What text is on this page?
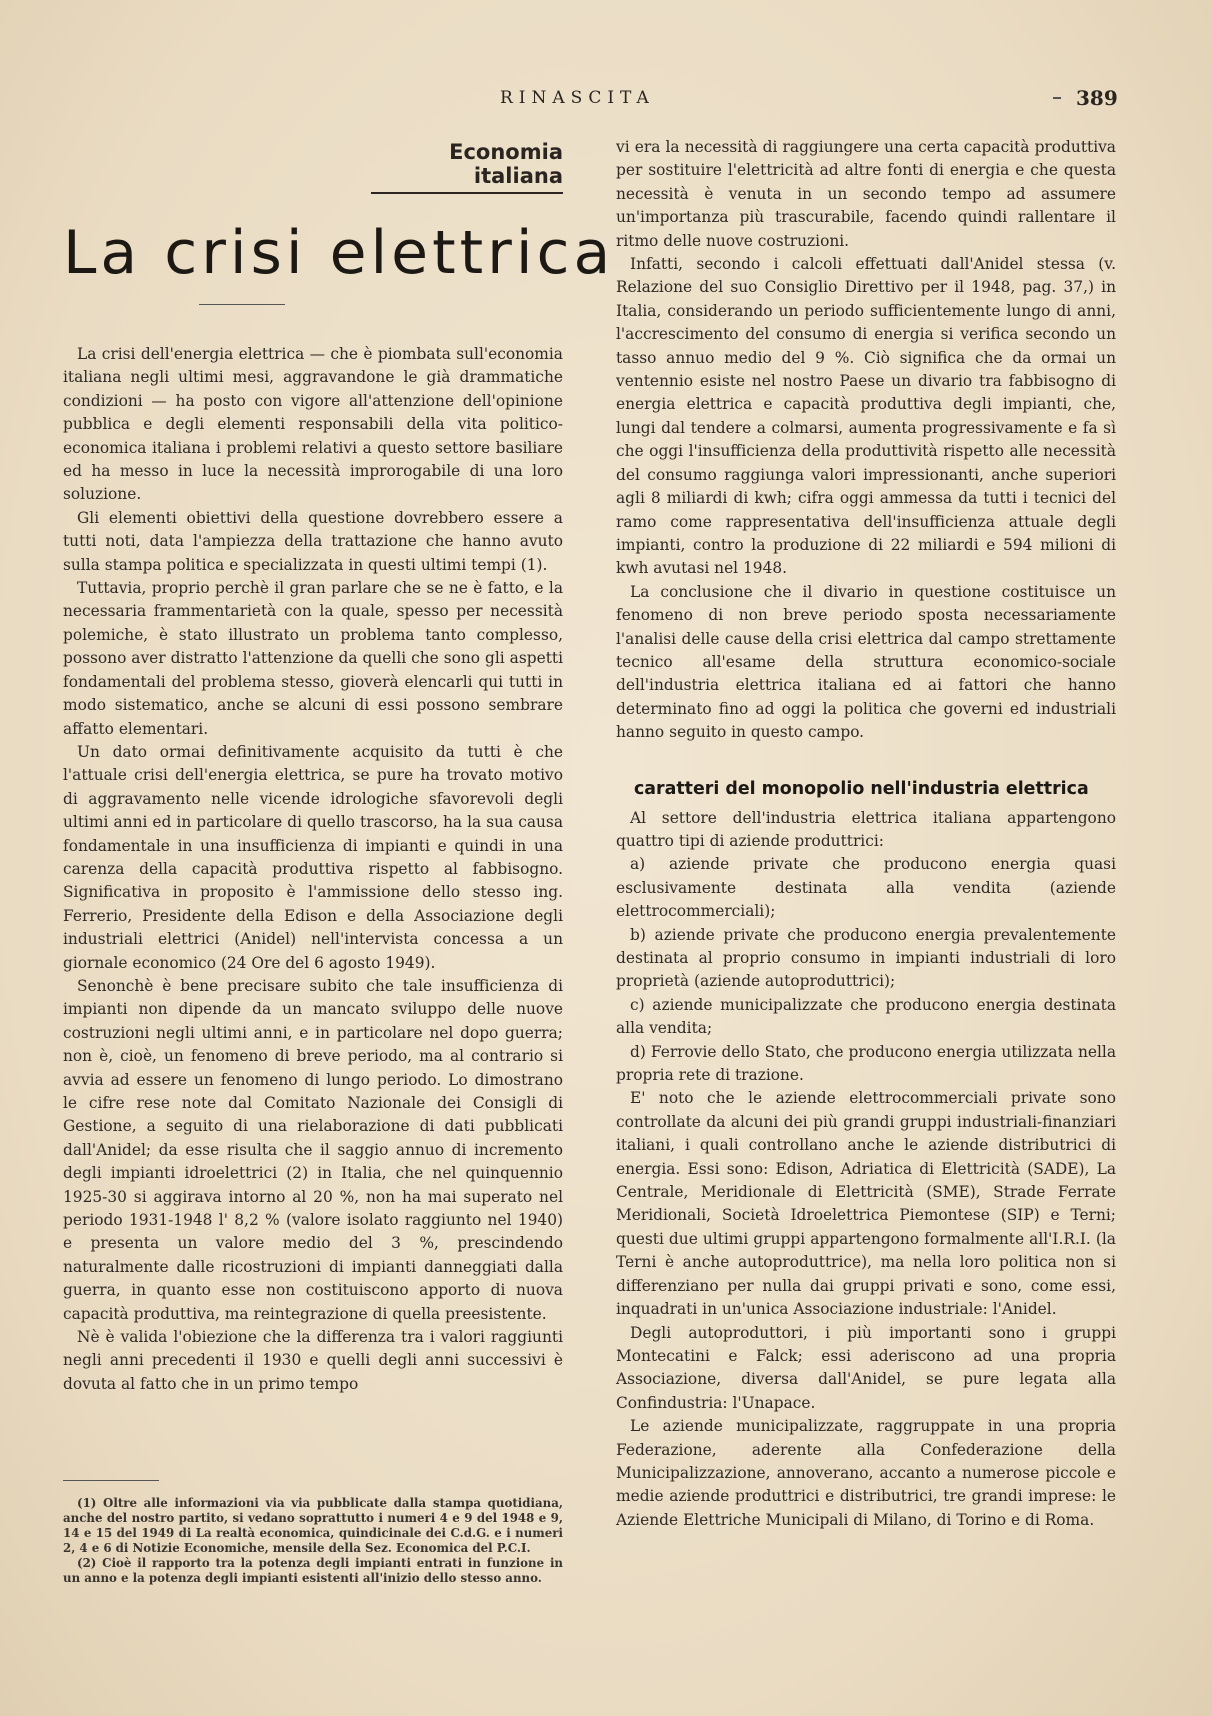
RINASCITA	389
Economia italiana
La crisi elettrica

La crisi dell'energia elettrica — che è piombata sull'economia italiana negli ultimi mesi, aggravandone le già drammatiche condizioni — ha posto con vigore all'attenzione dell'opinione pubblica e degli elementi responsabili della vita politico-economica italiana i problemi relativi a questo settore basiliare ed ha messo in luce la necessità improrogabile di una loro soluzione.

Gli elementi obiettivi della questione dovrebbero essere a tutti noti, data l'ampiezza della trattazione che hanno avuto sulla stampa politica e specializzata in questi ultimi tempi (1).

Tuttavia, proprio perchè il gran parlare che se ne è fatto, e la necessaria frammentarietà con la quale, spesso per necessità polemiche, è stato illustrato un problema tanto complesso, possono aver distratto l'attenzione da quelli che sono gli aspetti fondamentali del problema stesso, gioverà elencarli qui tutti in modo sistematico, anche se alcuni di essi possono sembrare affatto elementari.

Un dato ormai definitivamente acquisito da tutti è che l'attuale crisi dell'energia elettrica, se pure ha trovato motivo di aggravamento nelle vicende idrologiche sfavorevoli degli ultimi anni ed in particolare di quello trascorso, ha la sua causa fondamentale in una insufficienza di impianti e quindi in una carenza della capacità produttiva rispetto al fabbisogno. Significativa in proposito è l'ammissione dello stesso ing. Ferrerio, Presidente della Edison e della Associazione degli industriali elettrici (Anidel) nell'intervista concessa a un giornale economico (24 Ore del 6 agosto 1949).

Senonchè è bene precisare subito che tale insufficienza di impianti non dipende da un mancato sviluppo delle nuove costruzioni negli ultimi anni, e in particolare nel dopo guerra; non è, cioè, un fenomeno di breve periodo, ma al contrario si avvia ad essere un fenomeno di lungo periodo. Lo dimostrano le cifre rese note dal Comitato Nazionale dei Consigli di Gestione, a seguito di una rielaborazione di dati pubblicati dall'Anidel; da esse risulta che il saggio annuo di incremento degli impianti idroelettrici (2) in Italia, che nel quinquennio 1925-30 si aggirava intorno al 20 %, non ha mai superato nel periodo 1931-1948 l' 8,2 % (valore isolato raggiunto nel 1940) e presenta un valore medio del 3 %, prescindendo naturalmente dalle ricostruzioni di impianti danneggiati dalla guerra, in quanto esse non costituiscono apporto di nuova capacità produttiva, ma reintegrazione di quella preesistente.

Nè è valida l'obiezione che la differenza tra i valori raggiunti negli anni precedenti il 1930 e quelli degli anni successivi è dovuta al fatto che in un primo tempo

vi era la necessità di raggiungere una certa capacità produttiva per sostituire l'elettricità ad altre fonti di energia e che questa necessità è venuta in un secondo tempo ad assumere un'importanza più trascurabile, facendo quindi rallentare il ritmo delle nuove costruzioni.

Infatti, secondo i calcoli effettuati dall'Anidel stessa (v. Relazione del suo Consiglio Direttivo per il 1948, pag. 37,) in Italia, considerando un periodo sufficientemente lungo di anni, l'accrescimento del consumo di energia si verifica secondo un tasso annuo medio del 9 %. Ciò significa che da ormai un ventennio esiste nel nostro Paese un divario tra fabbisogno di energia elettrica e capacità produttiva degli impianti, che, lungi dal tendere a colmarsi, aumenta progressivamente e fa sì che oggi l'insufficienza della produttività rispetto alle necessità del consumo raggiunga valori impressionanti, anche superiori agli 8 miliardi di kwh; cifra oggi ammessa da tutti i tecnici del ramo come rappresentativa dell'insufficienza attuale degli impianti, contro la produzione di 22 miliardi e 594 milioni di kwh avutasi nel 1948.

La conclusione che il divario in questione costituisce un fenomeno di non breve periodo sposta necessariamente l'analisi delle cause della crisi elettrica dal campo strettamente tecnico all'esame della struttura economico-sociale dell'industria elettrica italiana ed ai fattori che hanno determinato fino ad oggi la politica che governi ed industriali hanno seguito in questo campo.

caratteri del monopolio nell'industria elettrica

Al settore dell'industria elettrica italiana appartengono quattro tipi di aziende produttrici:

a) aziende private che producono energia quasi esclusivamente destinata alla vendita (aziende elettrocommerciali);

b) aziende private che producono energia prevalentemente destinata al proprio consumo in impianti industriali di loro proprietà (aziende autoproduttrici);

c) aziende municipalizzate che producono energia destinata alla vendita;

d) Ferrovie dello Stato, che producono energia utilizzata nella propria rete di trazione.

E' noto che le aziende elettrocommerciali private sono controllate da alcuni dei più grandi gruppi industriali-finanziari italiani, i quali controllano anche le aziende distributrici di energia. Essi sono: Edison, Adriatica di Elettricità (SADE), La Centrale, Meridionale di Elettricità (SME), Strade Ferrate Meridionali, Società Idroelettrica Piemontese (SIP) e Terni; questi due ultimi gruppi appartengono formalmente all'I.R.I. (la Terni è anche autoproduttrice), ma nella loro politica non si differenziano per nulla dai gruppi privati e sono, come essi, inquadrati in un'unica Associazione industriale: l'Anidel.

Degli autoproduttori, i più importanti sono i gruppi Montecatini e Falck; essi aderiscono ad una propria Associazione, diversa dall'Anidel, se pure legata alla Confindustria: l'Unapace.

Le aziende municipalizzate, raggruppate in una propria Federazione, aderente alla Confederazione della Municipalizzazione, annoverano, accanto a numerose piccole e medie aziende produttrici e distributrici, tre grandi imprese: le Aziende Elettriche Municipali di Milano, di Torino e di Roma.

(1) Oltre alle informazioni via via pubblicate dalla stampa quotidiana, anche del nostro partito, si vedano soprattutto i numeri 4 e 9 del 1948 e 9, 14 e 15 del 1949 di La realtà economica, quindicinale dei C.d.G. e i numeri 2, 4 e 6 di Notizie Economiche, mensile della Sez. Economica del P.C.I.

(2) Cioè il rapporto tra la potenza degli impianti entrati in funzione in un anno e la potenza degli impianti esistenti all'inizio dello stesso anno.
